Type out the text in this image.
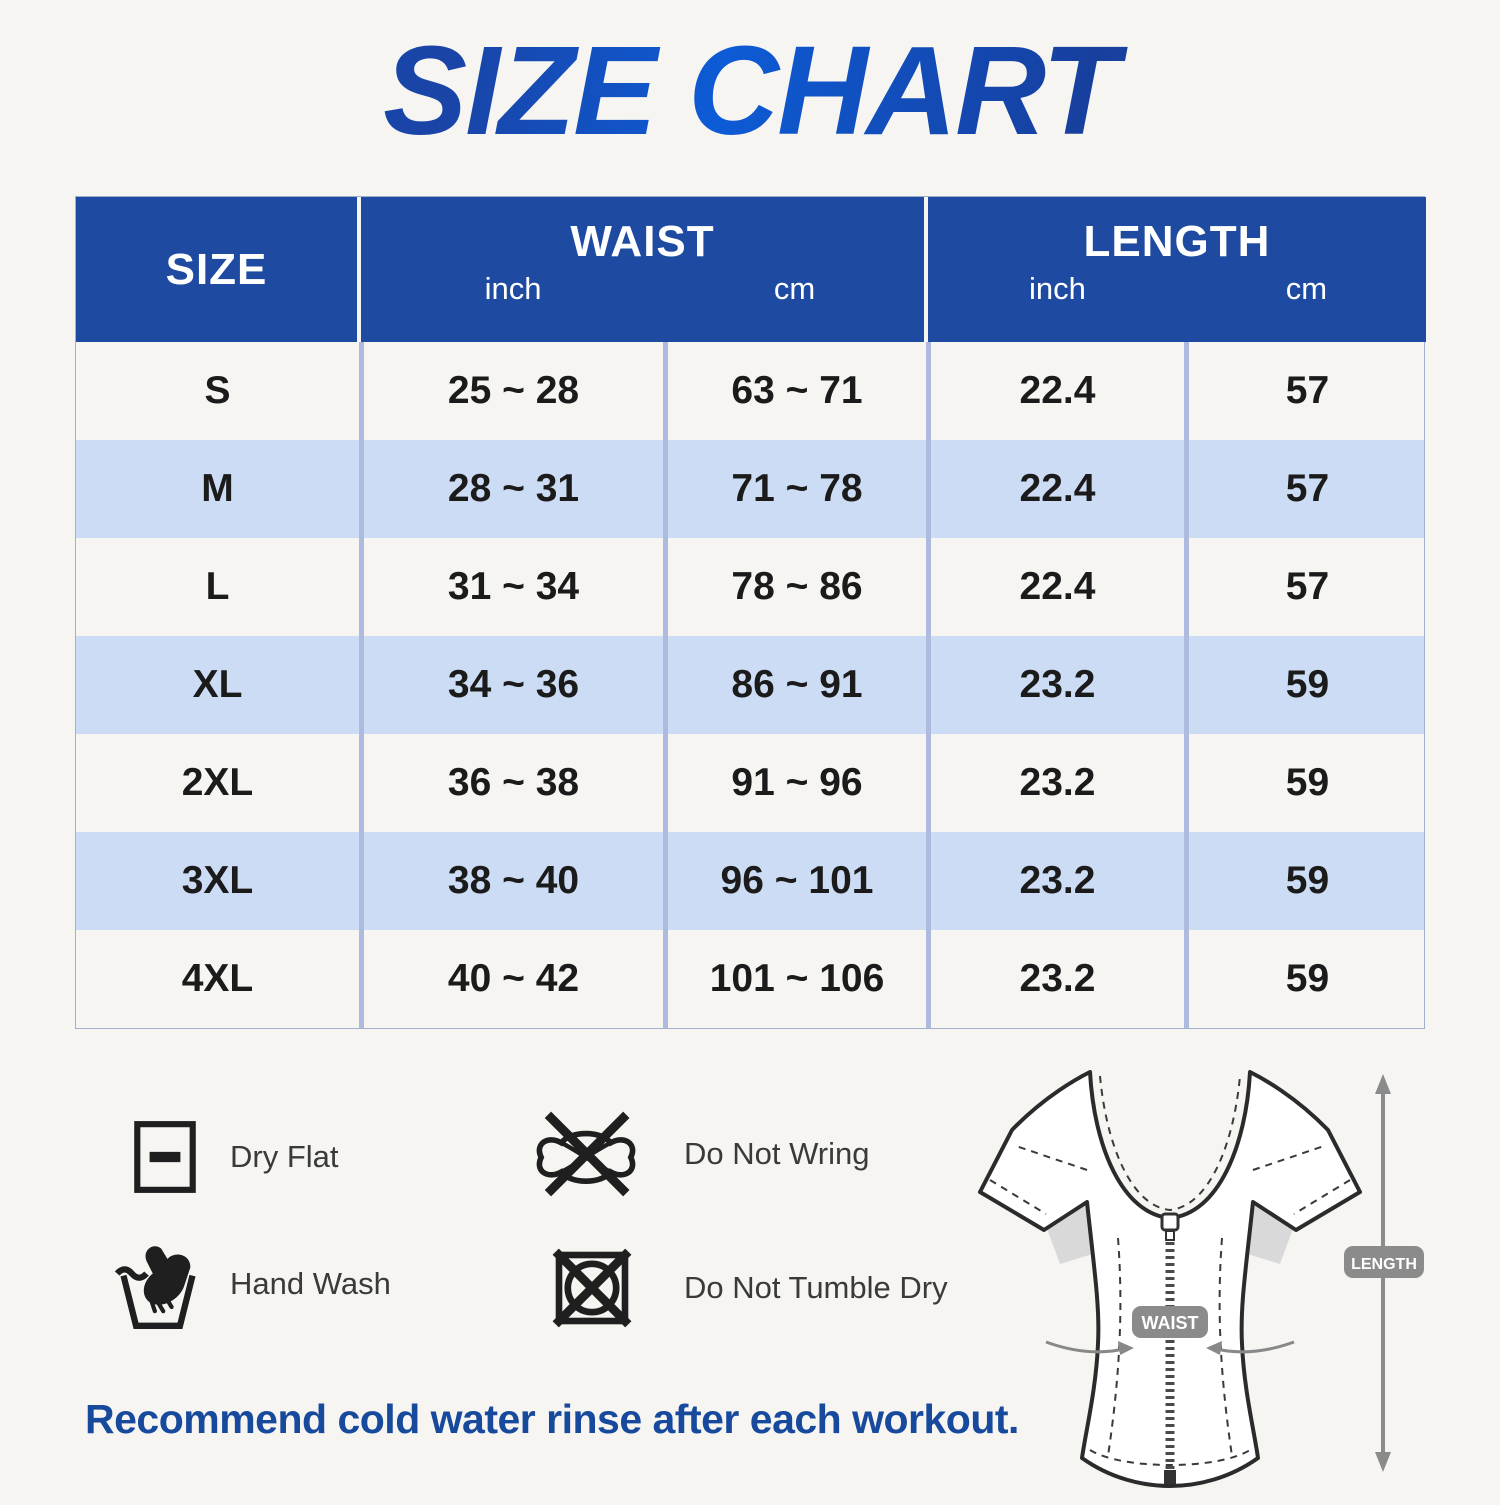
SIZE CHART
SIZE
WAIST
inch	cm
LENGTH
inch	cm
S	25 ~ 28	63 ~ 71	22.4	57
M	28 ~ 31	71 ~ 78	22.4	57
L	31 ~ 34	78 ~ 86	22.4	57
XL	34 ~ 36	86 ~ 91	23.2	59
2XL	36 ~ 38	91 ~ 96	23.2	59
3XL	38 ~ 40	96 ~ 101	23.2	59
4XL	40 ~ 42	101 ~ 106	23.2	59
Dry Flat	Do Not Wring
Hand Wash	Do Not Tumble Dry
WAIST
LENGTH
Recommend cold water rinse after each workout.
